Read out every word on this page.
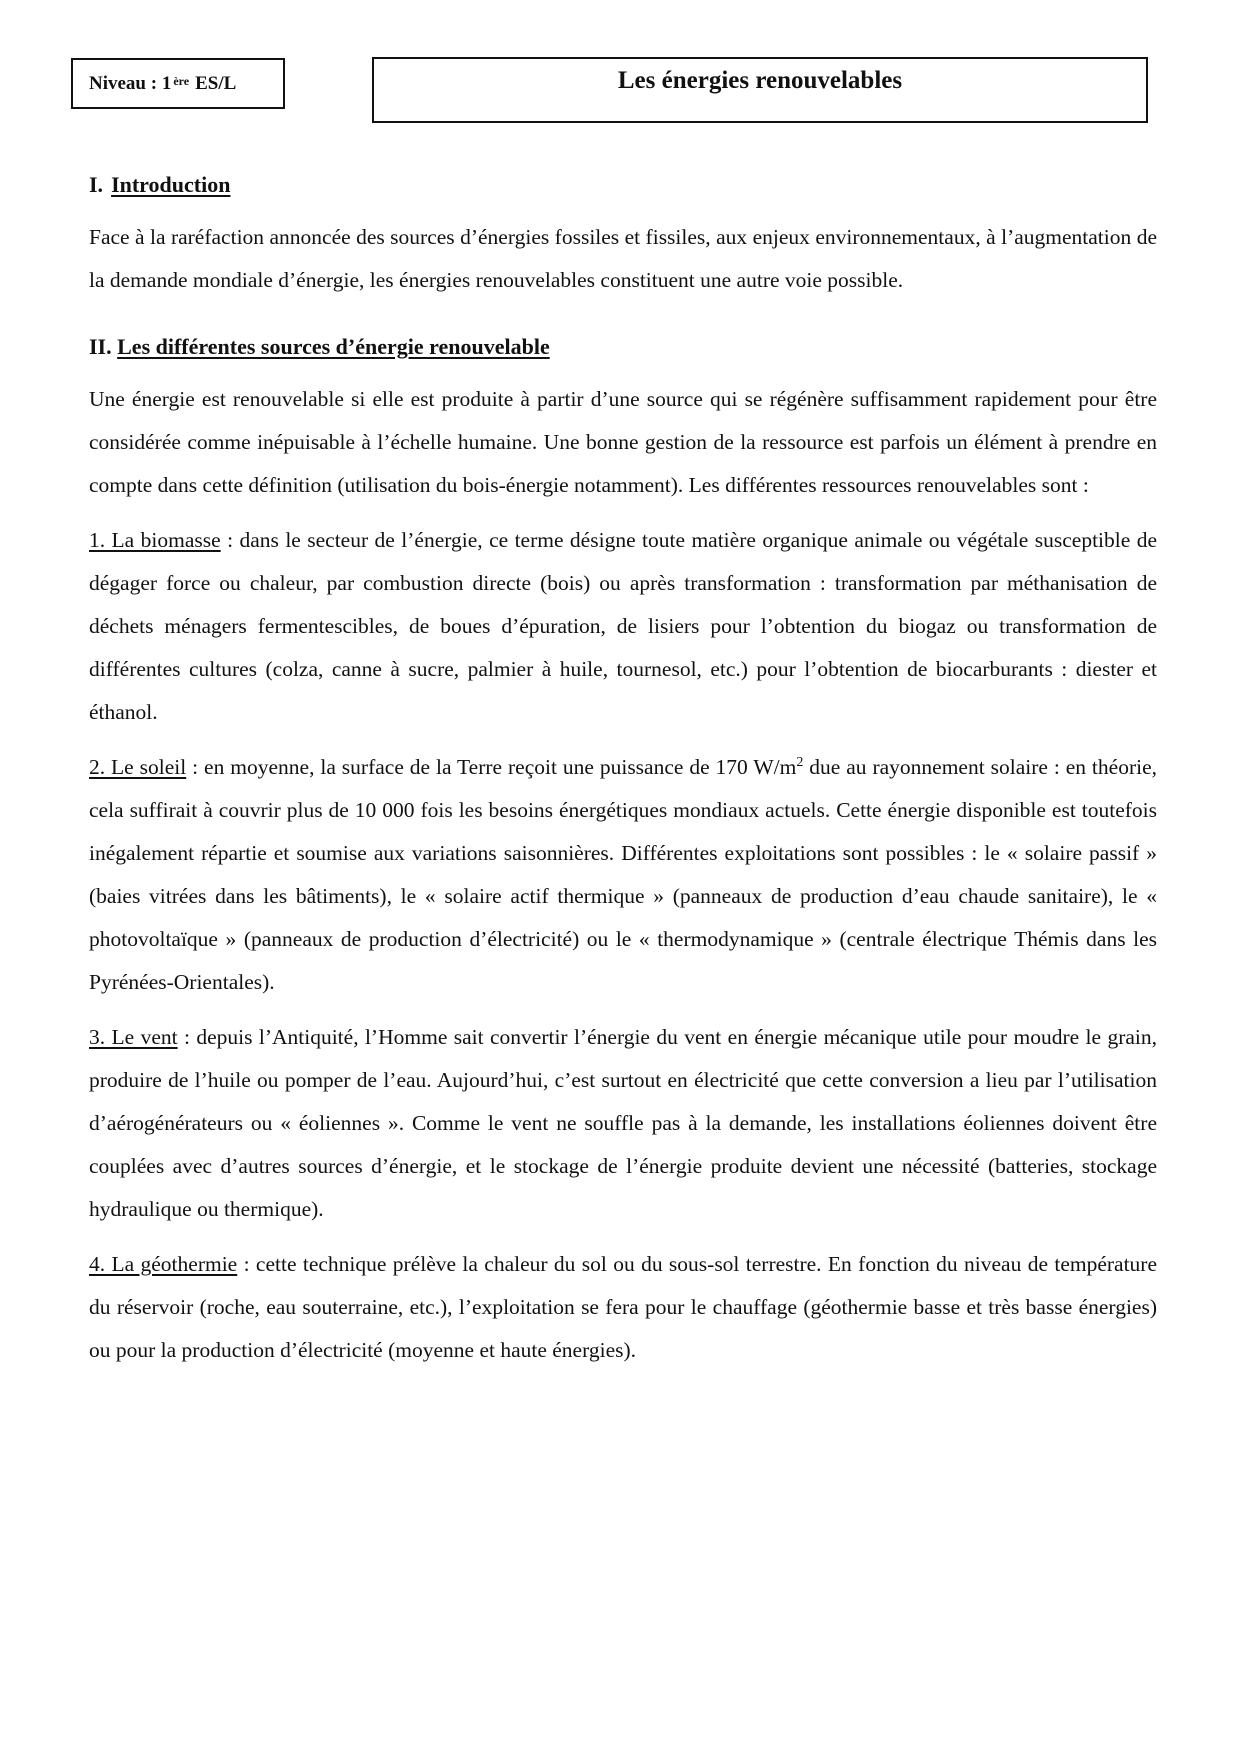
Niveau : 1ère ES/L	Les énergies renouvelables
I. Introduction

Face à la raréfaction annoncée des sources d’énergies fossiles et fissiles, aux enjeux environnementaux, à l’augmentation de la demande mondiale d’énergie, les énergies renouvelables constituent une autre voie possible.

II. Les différentes sources d’énergie renouvelable

Une énergie est renouvelable si elle est produite à partir d’une source qui se régénère suffisamment rapidement pour être considérée comme inépuisable à l’échelle humaine. Une bonne gestion de la ressource est parfois un élément à prendre en compte dans cette définition (utilisation du bois-énergie notamment). Les différentes ressources renouvelables sont :

1. La biomasse : dans le secteur de l’énergie, ce terme désigne toute matière organique animale ou végétale susceptible de dégager force ou chaleur, par combustion directe (bois) ou après transformation : transformation par méthanisation de déchets ménagers fermentescibles, de boues d’épuration, de lisiers pour l’obtention du biogaz ou transformation de différentes cultures (colza, canne à sucre, palmier à huile, tournesol, etc.) pour l’obtention de biocarburants : diester et éthanol.

2. Le soleil : en moyenne, la surface de la Terre reçoit une puissance de 170 $W/m^2$ due au rayonnement solaire : en théorie, cela suffirait à couvrir plus de 10 000 fois les besoins énergétiques mondiaux actuels. Cette énergie disponible est toutefois inégalement répartie et soumise aux variations saisonnières. Différentes exploitations sont possibles : le « solaire passif » (baies vitrées dans les bâtiments), le « solaire actif thermique » (panneaux de production d’eau chaude sanitaire), le « photovoltaïque » (panneaux de production d’électricité) ou le « thermodynamique » (centrale électrique Thémis dans les Pyrénées-Orientales).

3. Le vent : depuis l’Antiquité, l’Homme sait convertir l’énergie du vent en énergie mécanique utile pour moudre le grain, produire de l’huile ou pomper de l’eau. Aujourd’hui, c’est surtout en électricité que cette conversion a lieu par l’utilisation d’aérogénérateurs ou « éoliennes ». Comme le vent ne souffle pas à la demande, les installations éoliennes doivent être couplées avec d’autres sources d’énergie, et le stockage de l’énergie produite devient une nécessité (batteries, stockage hydraulique ou thermique).

4. La géothermie : cette technique prélève la chaleur du sol ou du sous-sol terrestre. En fonction du niveau de température du réservoir (roche, eau souterraine, etc.), l’exploitation se fera pour le chauffage (géothermie basse et très basse énergies) ou pour la production d’électricité (moyenne et haute énergies).
